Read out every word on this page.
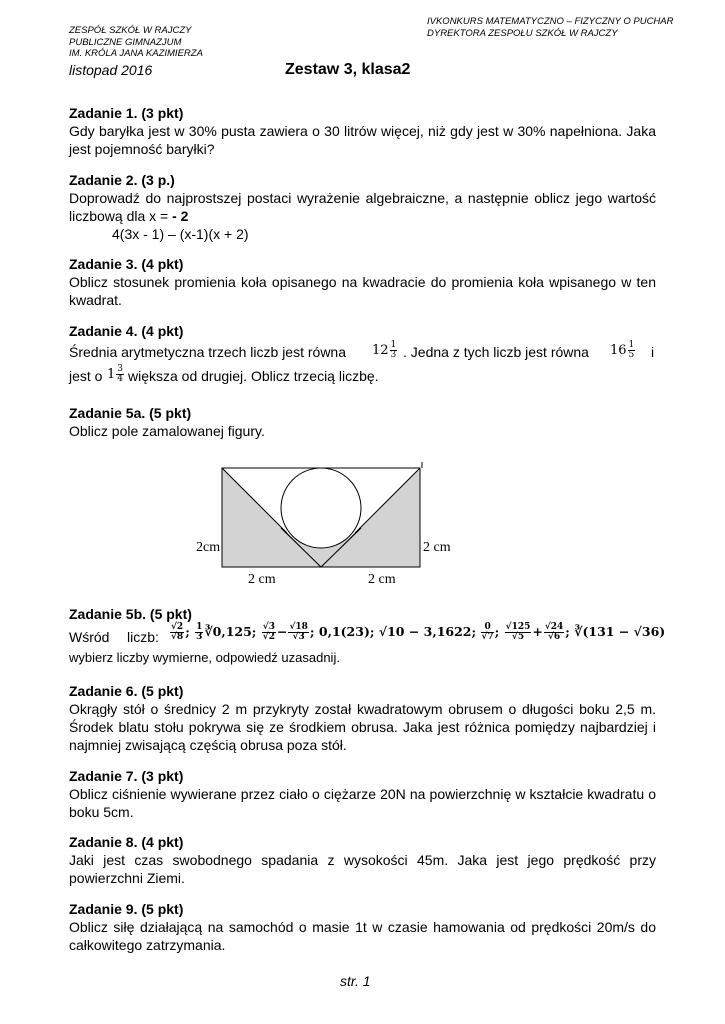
ZESPÓŁ SZKÓŁ W RAJCZY
PUBLICZNE GIMNAZJUM
IM. KRÓLA JANA KAZIMIERZA
IVKONKURS MATEMATYCZNO – FIZYCZNY O PUCHAR
DYREKTORA ZESPOŁU SZKÓŁ W RAJCZY
listopad 2016	Zestaw 3, klasa2
Zadanie 1. (3 pkt)

Gdy baryłka jest w 30% pusta zawiera o 30 litrów więcej, niż gdy jest w 30% napełniona. Jaka jest pojemność baryłki?

Zadanie 2. (3 p.)

Doprowadź do najprostszej postaci wyrażenie algebraiczne, a następnie oblicz jego wartość liczbową dla x = - 2

4(3x - 1) – (x-1)(x + 2)

Zadanie 3. (4 pkt)

Oblicz stosunek promienia koła opisanego na kwadracie do promienia koła wpisanego w ten kwadrat.

Zadanie 4. (4 pkt)
Średnia arytmetyczna trzech liczb jest równa $12 \frac{1}{3}$ . Jedna z tych liczb jest równa $16 \frac{1}{5}$ i
jest o $1 \frac{3}{4}$ większa od drugiej. Oblicz trzecią liczbę.
Zadanie 5a. (5 pkt)

Oblicz pole zamalowanej figury.

2cm	2 cm
2 cm	2 cm
Zadanie 5b. (5 pkt)
Wśród liczb: $\frac{√2}{√8}$ ; $\frac{1}{3}$ ∛0,125; $\frac{√3}{√2} - \frac{√18}{√3}$ ; 0,1(23); √10 − 3,1622; $\frac{0}{√7}$ ; $\frac{√125}{√5} + \frac{√24}{√6}$ ; ∛(131 − √36)

wybierz liczby wymierne, odpowiedź uzasadnij.

Zadanie 6. (5 pkt)

Okrągły stół o średnicy 2 m przykryty został kwadratowym obrusem o długości boku 2,5 m. Środek blatu stołu pokrywa się ze środkiem obrusa. Jaka jest różnica pomiędzy najbardziej i najmniej zwisającą częścią obrusa poza stół.

Zadanie 7. (3 pkt)

Oblicz ciśnienie wywierane przez ciało o ciężarze 20N na powierzchnię w kształcie kwadratu o boku 5cm.

Zadanie 8. (4 pkt)

Jaki jest czas swobodnego spadania z wysokości 45m. Jaka jest jego prędkość przy powierzchni Ziemi.

Zadanie 9. (5 pkt)

Oblicz siłę działającą na samochód o masie 1t w czasie hamowania od prędkości 20m/s do całkowitego zatrzymania.

str. 1
